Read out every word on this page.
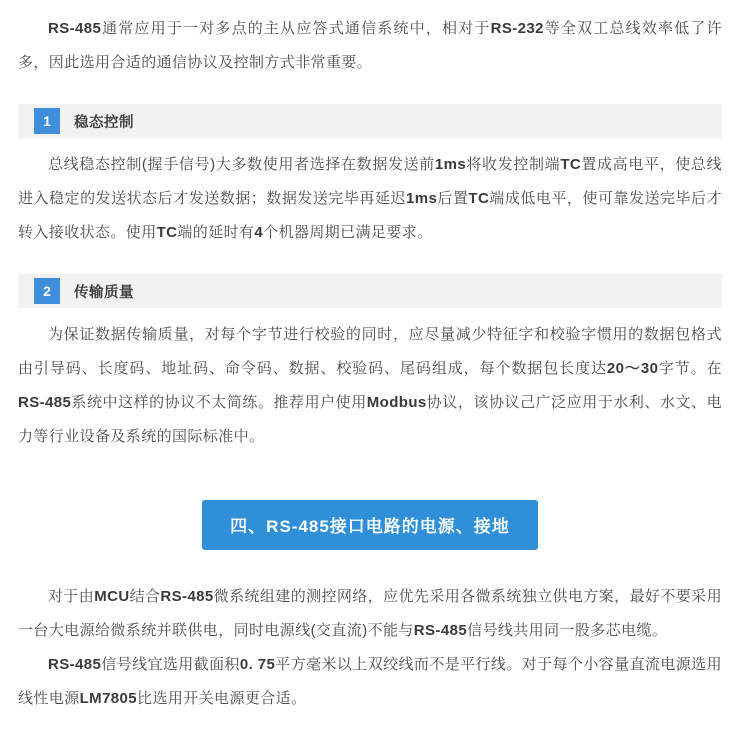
RS-485通常应用于一对多点的主从应答式通信系统中，相对于RS-232等全双工总线效率低了许多，因此选用合适的通信协议及控制方式非常重要。

1	稳态控制

总线稳态控制(握手信号)大多数使用者选择在数据发送前1ms将收发控制端TC置成高电平，使总线进入稳定的发送状态后才发送数据；数据发送完毕再延迟1ms后置TC端成低电平，使可靠发送完毕后才转入接收状态。使用TC端的延时有4个机器周期已满足要求。

2	传输质量

为保证数据传输质量，对每个字节进行校验的同时，应尽量减少特征字和校验字惯用的数据包格式由引导码、长度码、地址码、命令码、数据、校验码、尾码组成，每个数据包长度达20～30字节。在RS-485系统中这样的协议不太简练。推荐用户使用Modbus协议，该协议己广泛应用于水利、水文、电力等行业设备及系统的国际标准中。

四、RS-485接口电路的电源、接地

对于由MCU结合RS-485微系统组建的测控网络，应优先采用各微系统独立供电方案，最好不要采用一台大电源给微系统并联供电，同时电源线(交直流)不能与RS-485信号线共用同一股多芯电缆。

RS-485信号线宜选用截面积0. 75平方毫米以上双绞线而不是平行线。对于每个小容量直流电源选用线性电源LM7805比选用开关电源更合适。
